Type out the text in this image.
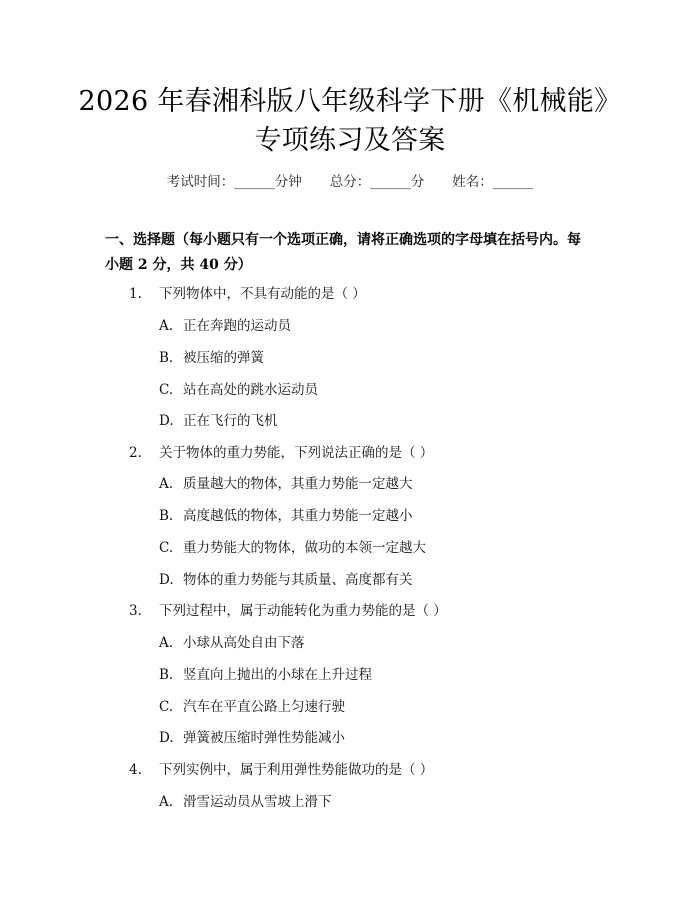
2026 年春湘科版八年级科学下册《机械能》
专项练习及答案
考试时间：______分钟 总分：______分 姓名：______
一、选择题（每小题只有一个选项正确，请将正确选项的字母填在括号内。每小题 2 分，共 40 分）
1. 下列物体中，不具有动能的是（ ）
A. 正在奔跑的运动员
B. 被压缩的弹簧
C. 站在高处的跳水运动员
D. 正在飞行的飞机
2. 关于物体的重力势能，下列说法正确的是（ ）
A. 质量越大的物体，其重力势能一定越大
B. 高度越低的物体，其重力势能一定越小
C. 重力势能大的物体，做功的本领一定越大
D. 物体的重力势能与其质量、高度都有关
3. 下列过程中，属于动能转化为重力势能的是（ ）
A. 小球从高处自由下落
B. 竖直向上抛出的小球在上升过程
C. 汽车在平直公路上匀速行驶
D. 弹簧被压缩时弹性势能减小
4. 下列实例中，属于利用弹性势能做功的是（ ）
A. 滑雪运动员从雪坡上滑下
